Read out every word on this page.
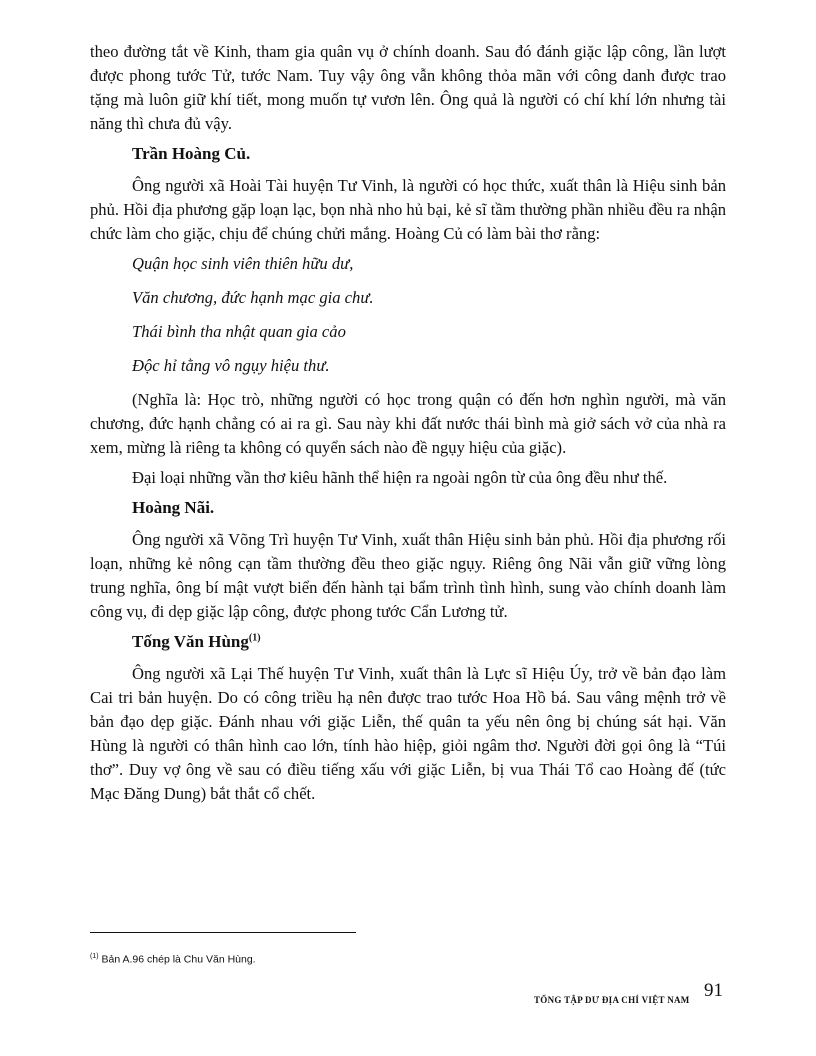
theo đường tắt về Kinh, tham gia quân vụ ở chính doanh. Sau đó đánh giặc lập công, lần lượt được phong tước Tử, tước Nam. Tuy vậy ông vẫn không thỏa mãn với công danh được trao tặng mà luôn giữ khí tiết, mong muốn tự vươn lên. Ông quả là người có chí khí lớn nhưng tài năng thì chưa đủ vậy.

Trần Hoàng Củ.

Ông người xã Hoài Tài huyện Tư Vinh, là người có học thức, xuất thân là Hiệu sinh bản phủ. Hồi địa phương gặp loạn lạc, bọn nhà nho hủ bại, kẻ sĩ tầm thường phần nhiều đều ra nhận chức làm cho giặc, chịu để chúng chửi mắng. Hoàng Củ có làm bài thơ rằng:

Quận học sinh viên thiên hữu dư,
Văn chương, đức hạnh mạc gia chư.
Thái bình tha nhật quan gia cảo
Độc hỉ tằng vô ngụy hiệu thư.

(Nghĩa là: Học trò, những người có học trong quận có đến hơn nghìn người, mà văn chương, đức hạnh chẳng có ai ra gì. Sau này khi đất nước thái bình mà giở sách vở của nhà ra xem, mừng là riêng ta không có quyển sách nào đề ngụy hiệu của giặc).

Đại loại những vần thơ kiêu hãnh thể hiện ra ngoài ngôn từ của ông đều như thế.

Hoàng Nãi.

Ông người xã Võng Trì huyện Tư Vinh, xuất thân Hiệu sinh bản phủ. Hồi địa phương rối loạn, những kẻ nông cạn tầm thường đều theo giặc ngụy. Riêng ông Nãi vẫn giữ vững lòng trung nghĩa, ông bí mật vượt biển đến hành tại bẩm trình tình hình, sung vào chính doanh làm công vụ, đi dẹp giặc lập công, được phong tước Cẩn Lương tử.

Tống Văn Hùng$^{(1)}$

Ông người xã Lại Thế huyện Tư Vinh, xuất thân là Lực sĩ Hiệu Úy, trở về bản đạo làm Cai tri bản huyện. Do có công triều hạ nên được trao tước Hoa Hồ bá. Sau vâng mệnh trở về bản đạo dẹp giặc. Đánh nhau với giặc Liễn, thế quân ta yếu nên ông bị chúng sát hại. Văn Hùng là người có thân hình cao lớn, tính hào hiệp, giỏi ngâm thơ. Người đời gọi ông là “Túi thơ”. Duy vợ ông về sau có điều tiếng xấu với giặc Liễn, bị vua Thái Tổ cao Hoàng đế (tức Mạc Đăng Dung) bắt thắt cổ chết.

$^{(1)}$ Bản A.96 chép là Chu Văn Hùng.
TỔNG TẬP DƯ ĐỊA CHÍ VIỆT NAM 91
